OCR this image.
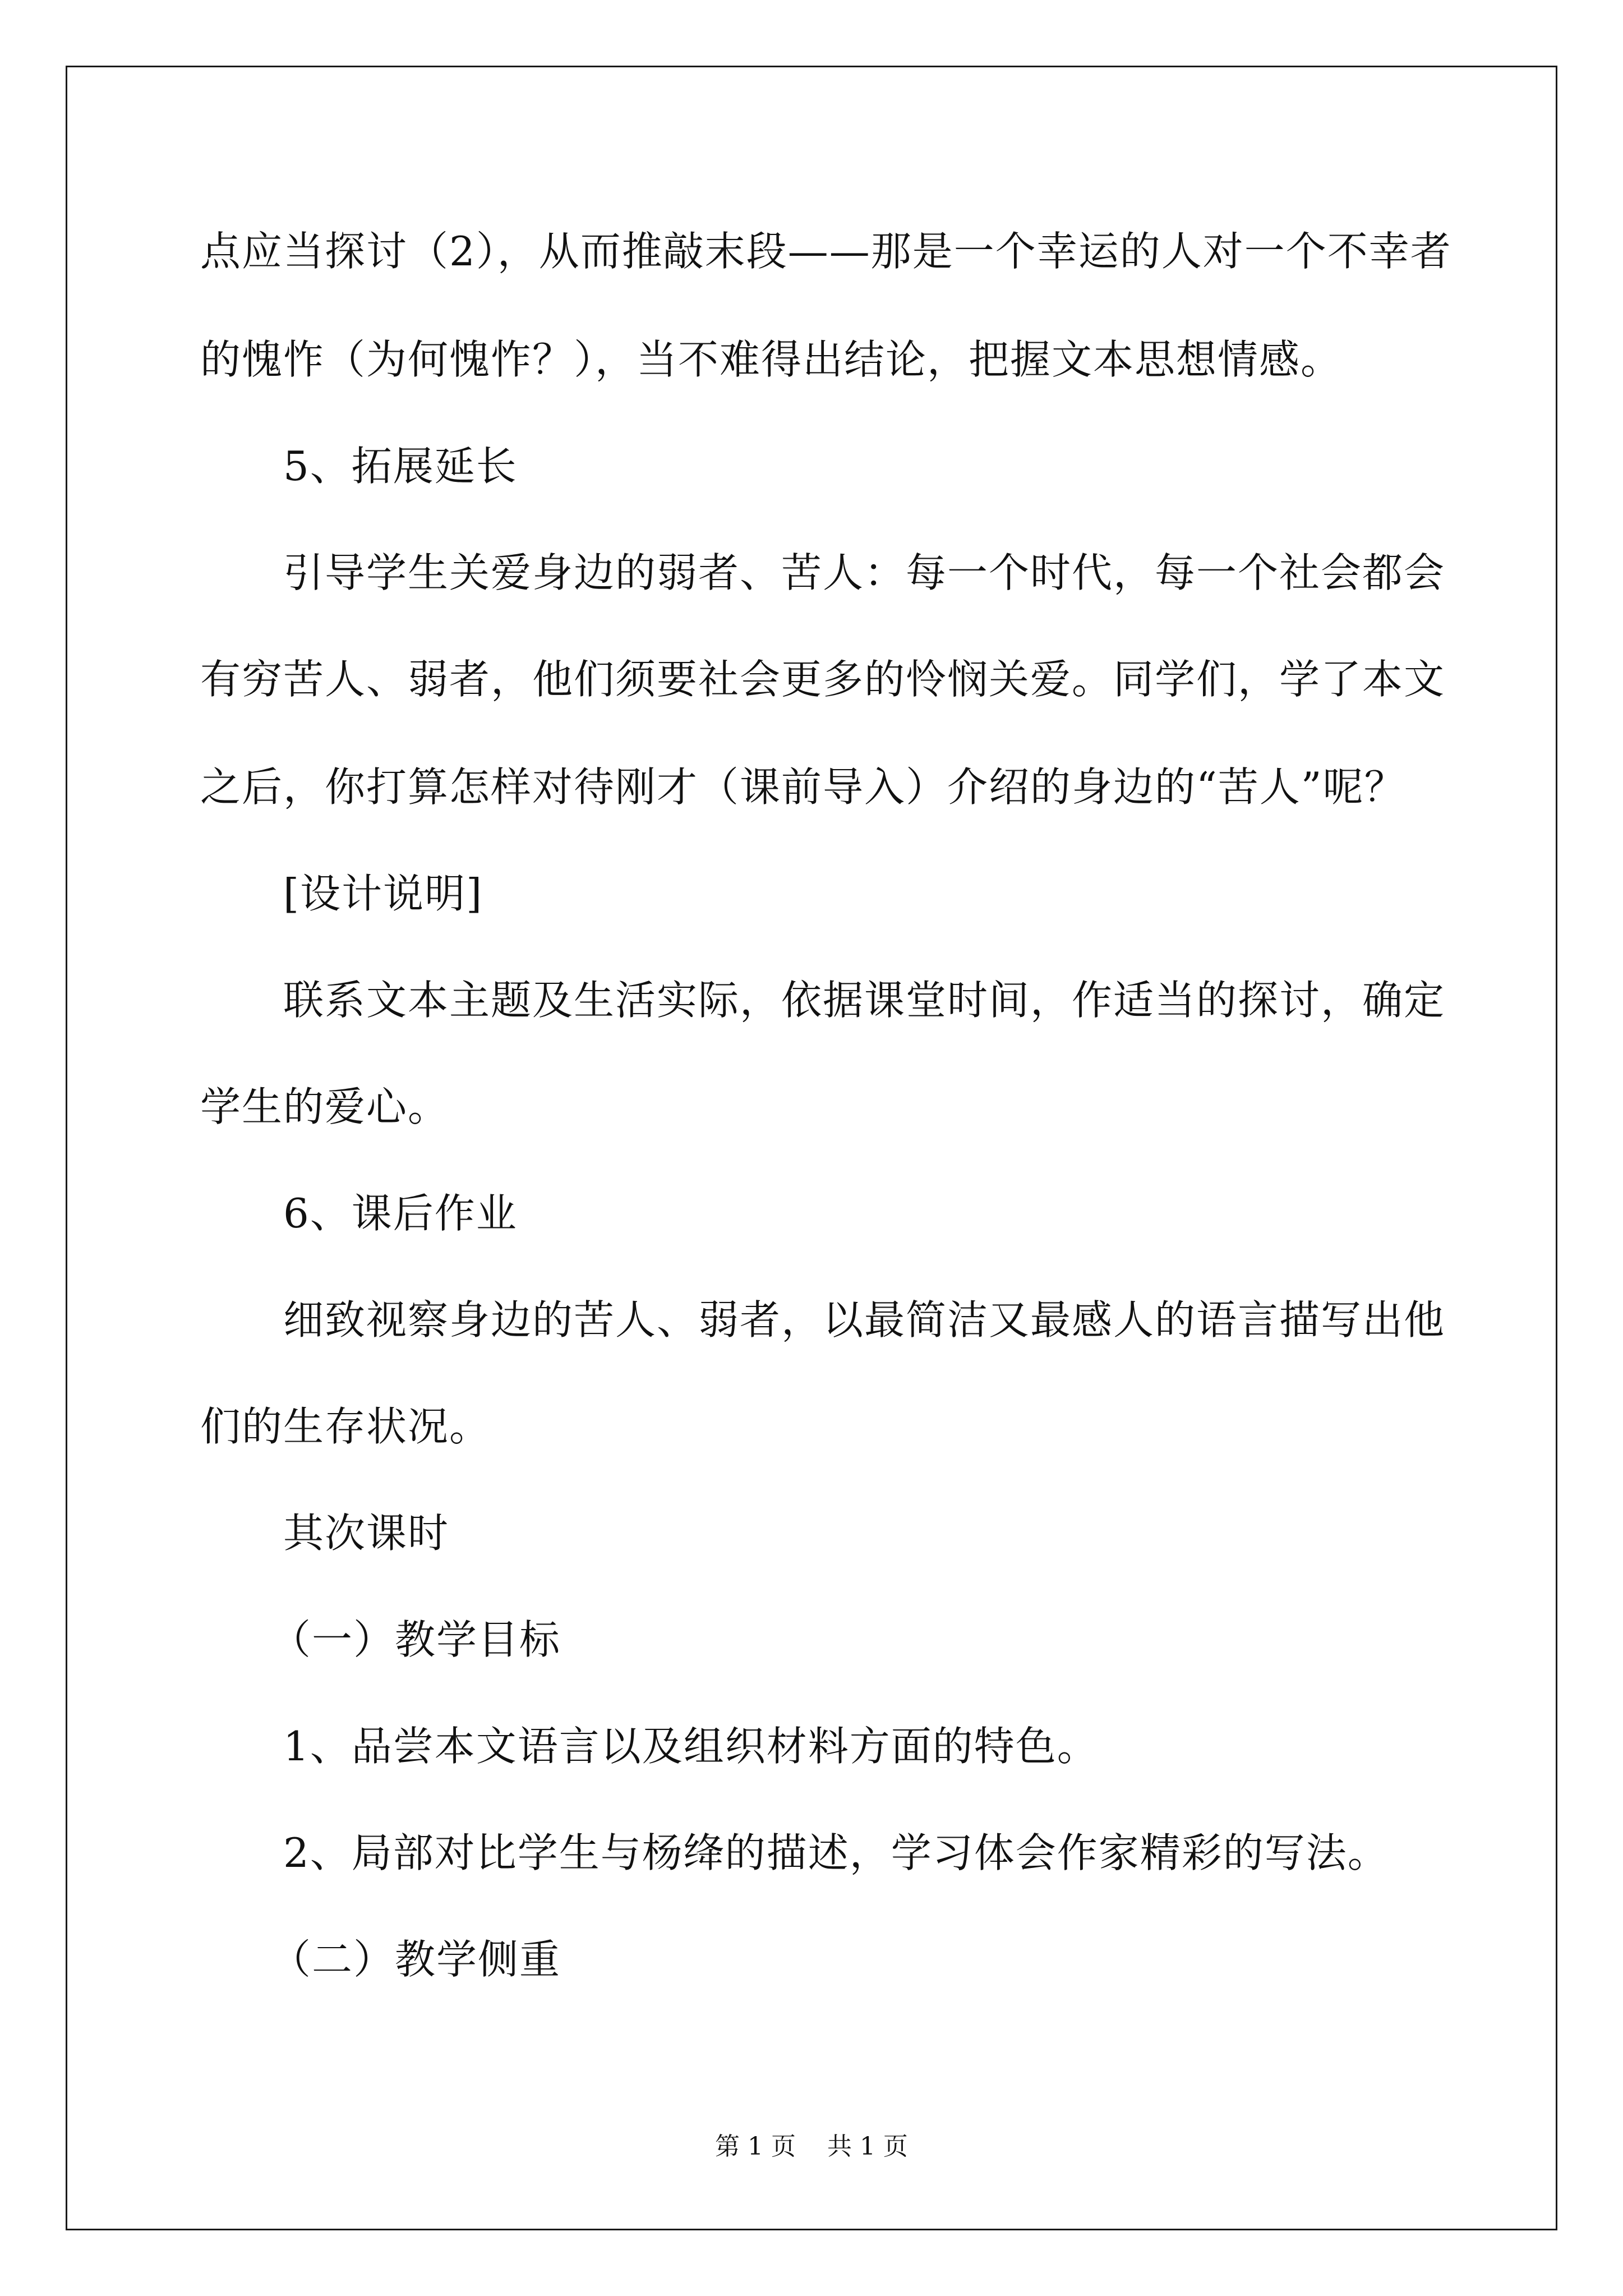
点应当探讨（2），从而推敲末段——那是一个幸运的人对一个不幸者
的愧怍（为何愧怍？），当不难得出结论，把握文本思想情感。
5、拓展延长
引导学生关爱身边的弱者、苦人：每一个时代，每一个社会都会
有穷苦人、弱者，他们须要社会更多的怜悯关爱。同学们，学了本文
之后，你打算怎样对待刚才（课前导入）介绍的身边的“苦人”呢？
[设计说明]
联系文本主题及生活实际，依据课堂时间，作适当的探讨，确定
学生的爱心。
6、课后作业
细致视察身边的苦人、弱者，以最简洁又最感人的语言描写出他
们的生存状况。
其次课时
（一）教学目标
1、品尝本文语言以及组织材料方面的特色。
2、局部对比学生与杨绛的描述，学习体会作家精彩的写法。
（二）教学侧重
第 1 页    共 1 页
